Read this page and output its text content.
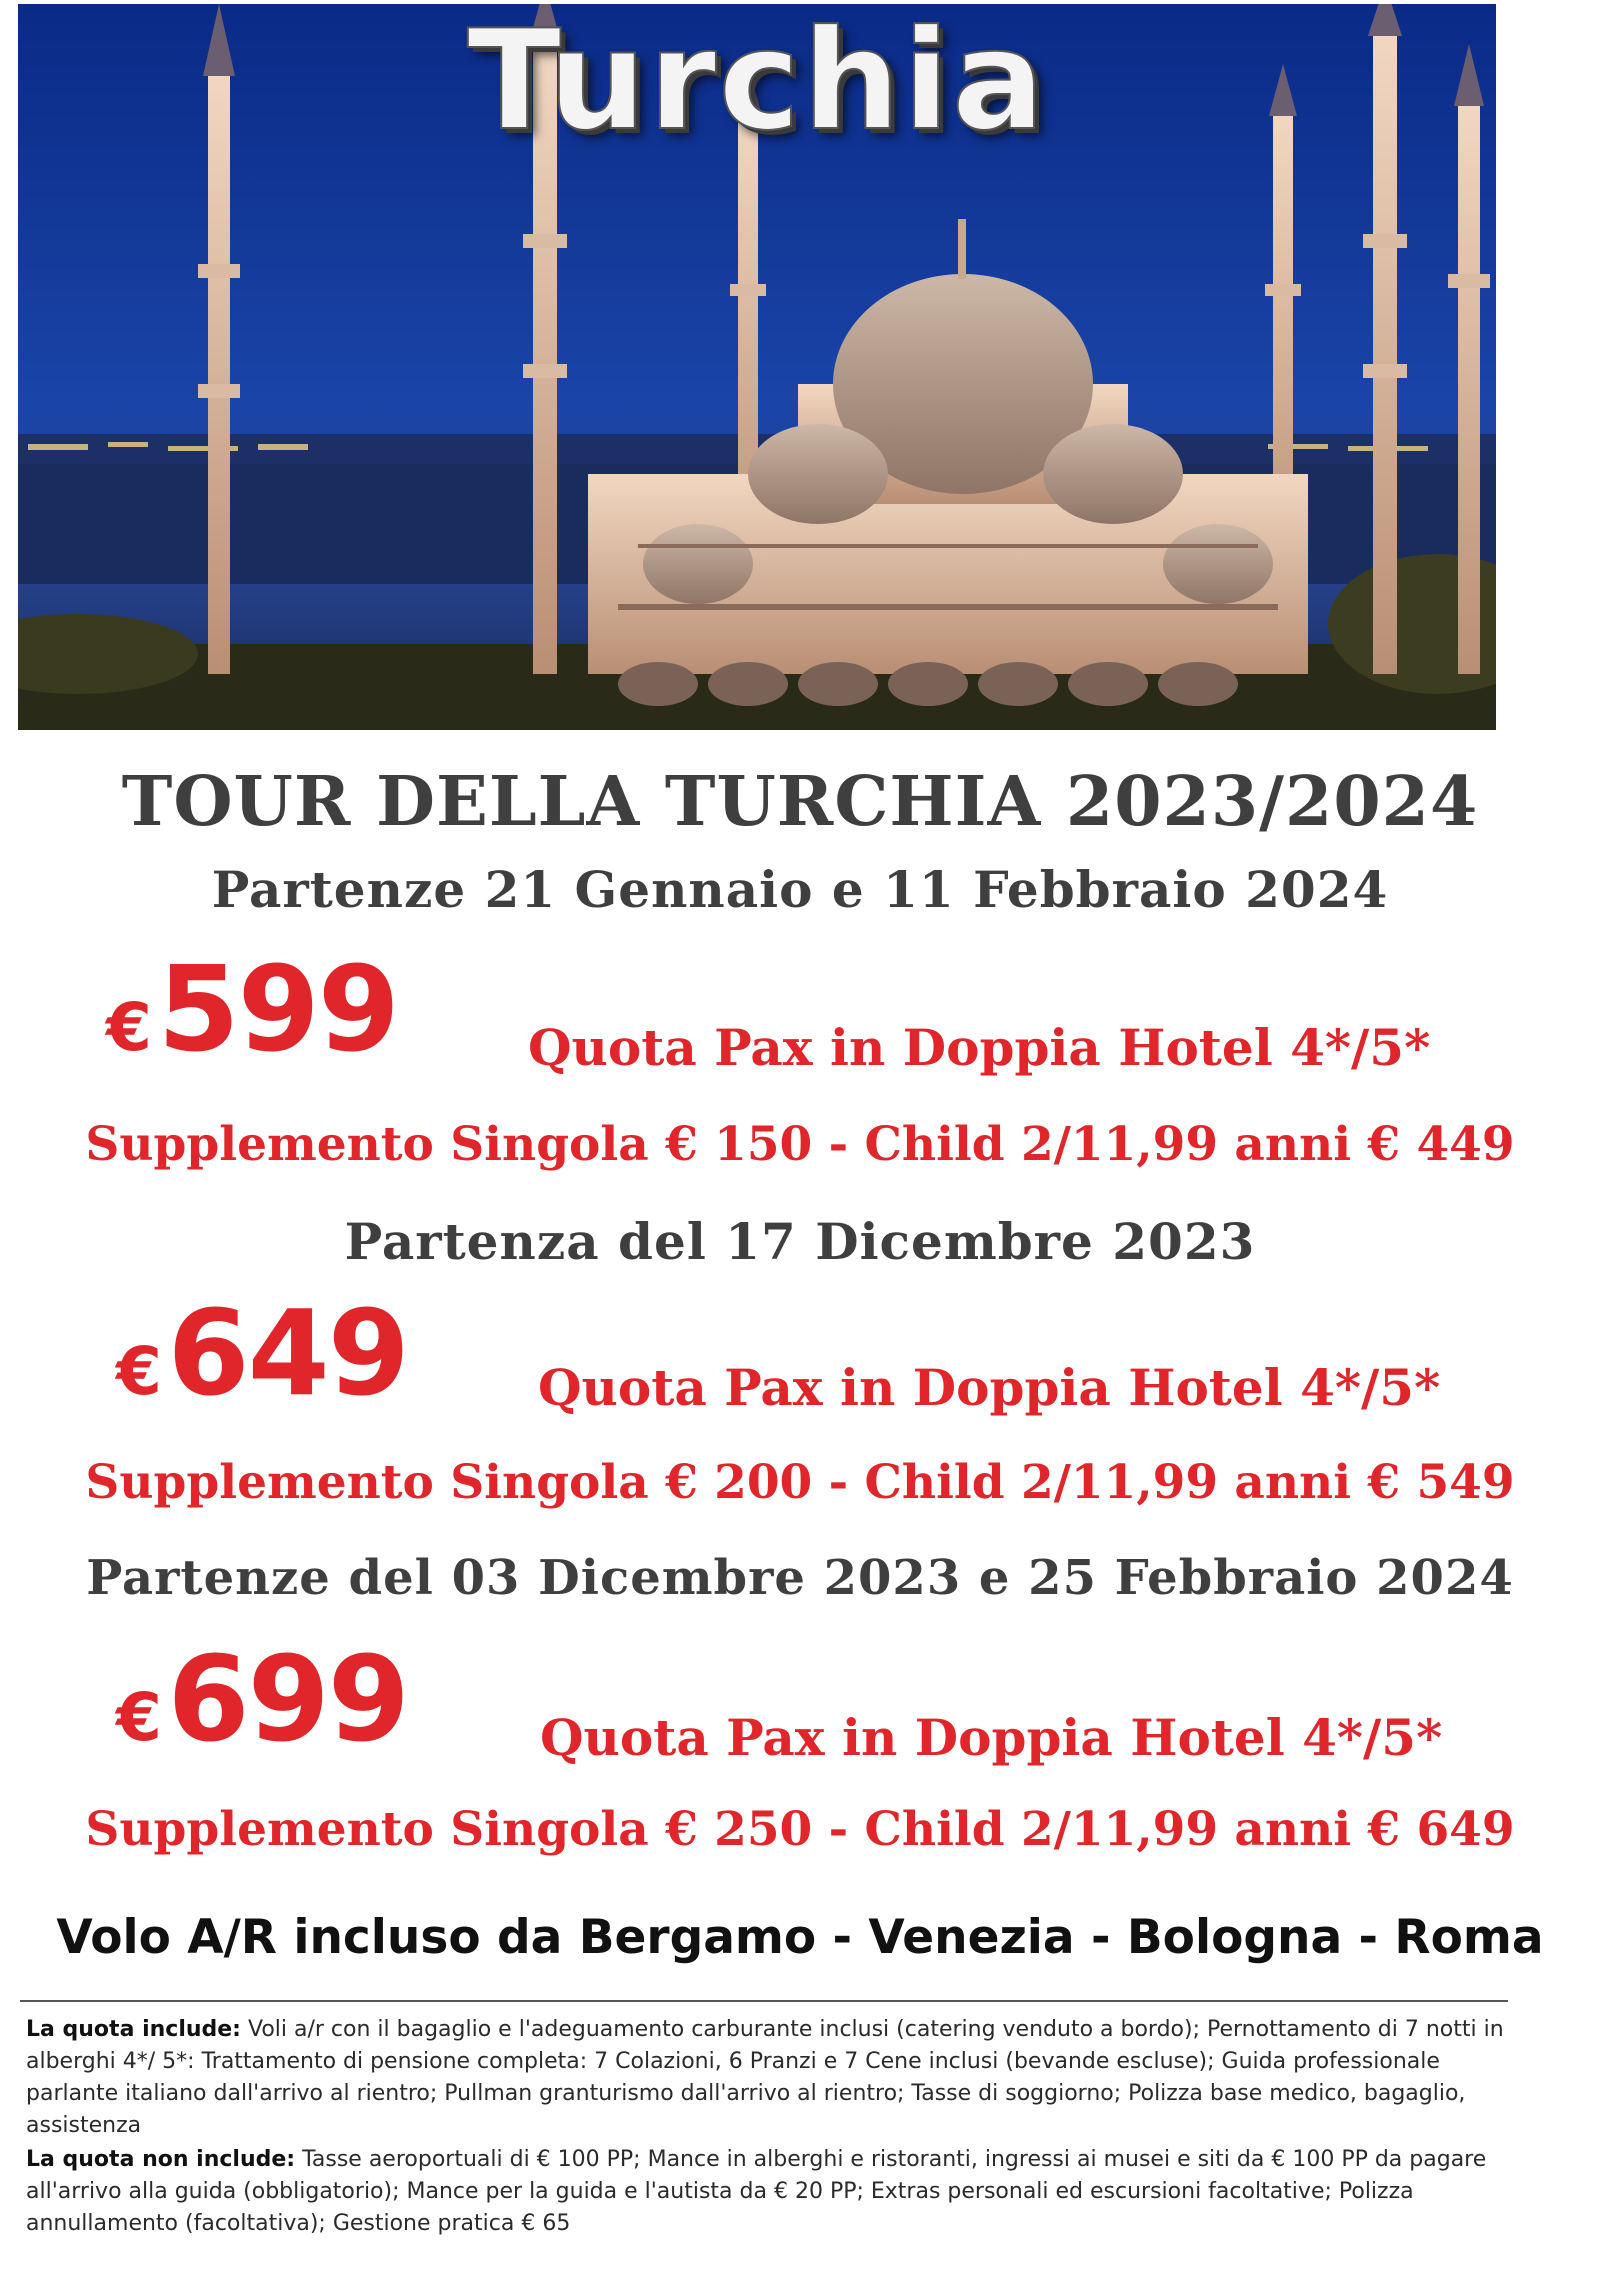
Turchia
TOUR DELLA TURCHIA 2023/2024
Partenze 21 Gennaio e 11 Febbraio 2024
€ 599	Quota Pax in Doppia Hotel 4*/5*
Supplemento Singola € 150 - Child 2/11,99 anni € 449
Partenza del 17 Dicembre 2023
€ 649	Quota Pax in Doppia Hotel 4*/5*
Supplemento Singola € 200 - Child 2/11,99 anni € 549
Partenze del 03 Dicembre 2023 e 25 Febbraio 2024
€ 699	Quota Pax in Doppia Hotel 4*/5*
Supplemento Singola € 250 - Child 2/11,99 anni € 649
Volo A/R incluso da Bergamo - Venezia - Bologna - Roma

La quota include: Voli a/r con il bagaglio e l'adeguamento carburante inclusi (catering venduto a bordo); Pernottamento di 7 notti in alberghi 4*/ 5*: Trattamento di pensione completa: 7 Colazioni, 6 Pranzi e 7 Cene inclusi (bevande escluse); Guida professionale parlante italiano dall'arrivo al rientro; Pullman granturismo dall'arrivo al rientro; Tasse di soggiorno; Polizza base medico, bagaglio, assistenza

La quota non include: Tasse aeroportuali di € 100 PP; Mance in alberghi e ristoranti, ingressi ai musei e siti da € 100 PP da pagare all'arrivo alla guida (obbligatorio); Mance per la guida e l'autista da € 20 PP; Extras personali ed escursioni facoltative; Polizza annullamento (facoltativa); Gestione pratica € 65
